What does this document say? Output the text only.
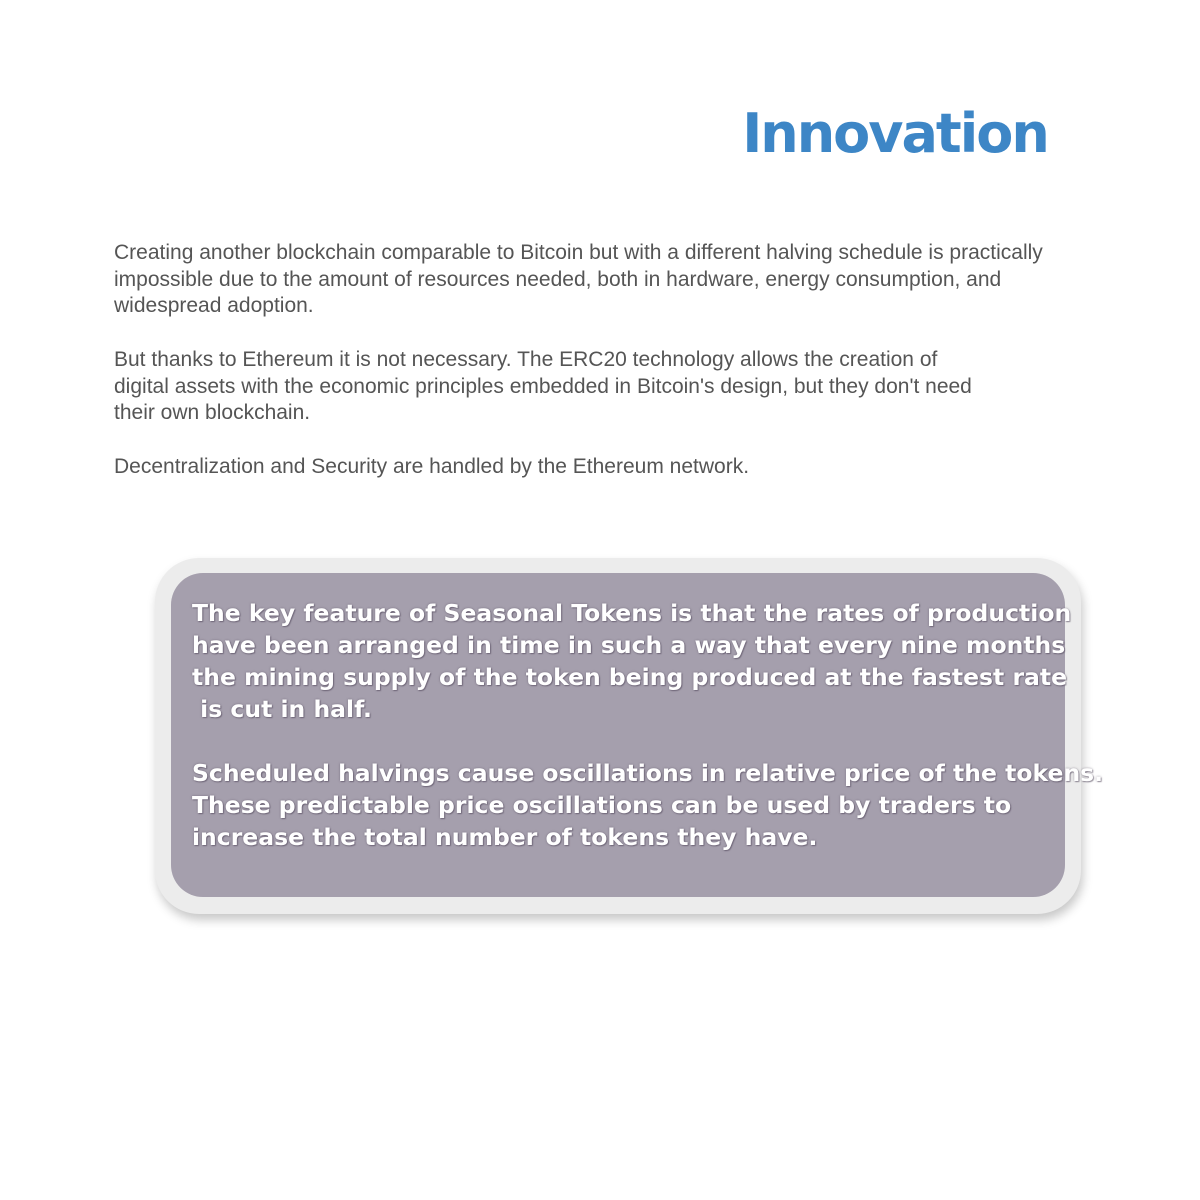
Innovation

Creating another blockchain comparable to Bitcoin but with a different halving schedule is practically
impossible due to the amount of resources needed, both in hardware, energy consumption, and
widespread adoption.

But thanks to Ethereum it is not necessary. The ERC20 technology allows the creation of
digital assets with the economic principles embedded in Bitcoin's design, but they don't need
their own blockchain.

Decentralization and Security are handled by the Ethereum network.

The key feature of Seasonal Tokens is that the rates of production
have been arranged in time in such a way that every nine months
the mining supply of the token being produced at the fastest rate
is cut in half.

Scheduled halvings cause oscillations in relative price of the tokens.
These predictable price oscillations can be used by traders to
increase the total number of tokens they have.
